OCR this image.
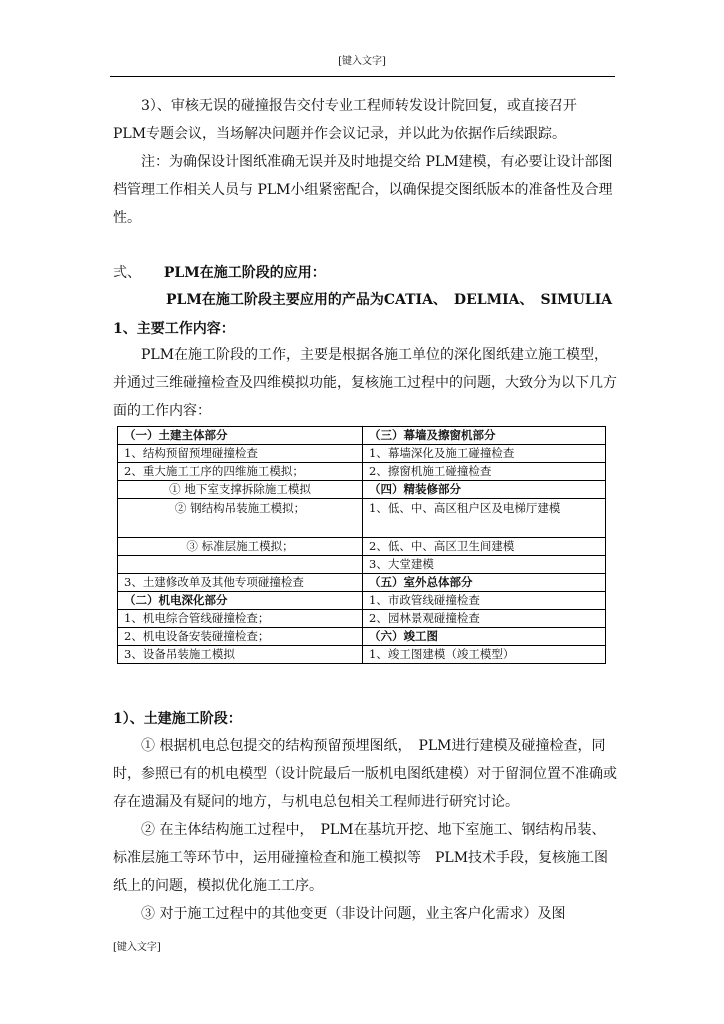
[键入文字]

3）、审核无误的碰撞报告交付专业工程师转发设计院回复，或直接召开　PLM专题会议，当场解决问题并作会议记录，并以此为依据作后续跟踪。

注：为确保设计图纸准确无误并及时地提交给 PLM建模，有必要让设计部图档管理工作相关人员与 PLM小组紧密配合，以确保提交图纸版本的准备性及合理性。

弍、 PLM在施工阶段的应用：
PLM在施工阶段主要应用的产品为CATIA、　DELMIA、　SIMULIA
1、主要工作内容：

PLM在施工阶段的工作，主要是根据各施工单位的深化图纸建立施工模型，并通过三维碰撞检查及四维模拟功能，复核施工过程中的问题，大致分为以下几方面的工作内容：

（一）土建主体部分	（三）幕墙及擦窗机部分
1、结构预留预埋碰撞检查	1、幕墙深化及施工碰撞检查
2、重大施工工序的四维施工模拟；	2、擦窗机施工碰撞检查
① 地下室支撑拆除施工模拟	（四）精装修部分
② 钢结构吊装施工模拟；	1、低、中、高区租户区及电梯厅建模
③ 标准层施工模拟；	2、低、中、高区卫生间建模
	3、大堂建模
3、土建修改单及其他专项碰撞检查	（五）室外总体部分
（二）机电深化部分	1、市政管线碰撞检查
1、机电综合管线碰撞检查；	2、园林景观碰撞检查
2、机电设备安装碰撞检查；	（六）竣工图
3、设备吊装施工模拟	1、竣工图建模（竣工模型）
1）、土建施工阶段：

① 根据机电总包提交的结构预留预埋图纸，　PLM进行建模及碰撞检查，同时，参照已有的机电模型（设计院最后一版机电图纸建模）对于留洞位置不准确或存在遗漏及有疑问的地方，与机电总包相关工程师进行研究讨论。

② 在主体结构施工过程中，　PLM在基坑开挖、地下室施工、钢结构吊装、标准层施工等环节中，运用碰撞检查和施工模拟等　PLM技术手段，复核施工图纸上的问题，模拟优化施工工序。

③ 对于施工过程中的其他变更（非设计问题，业主客户化需求）及图

[键入文字]
